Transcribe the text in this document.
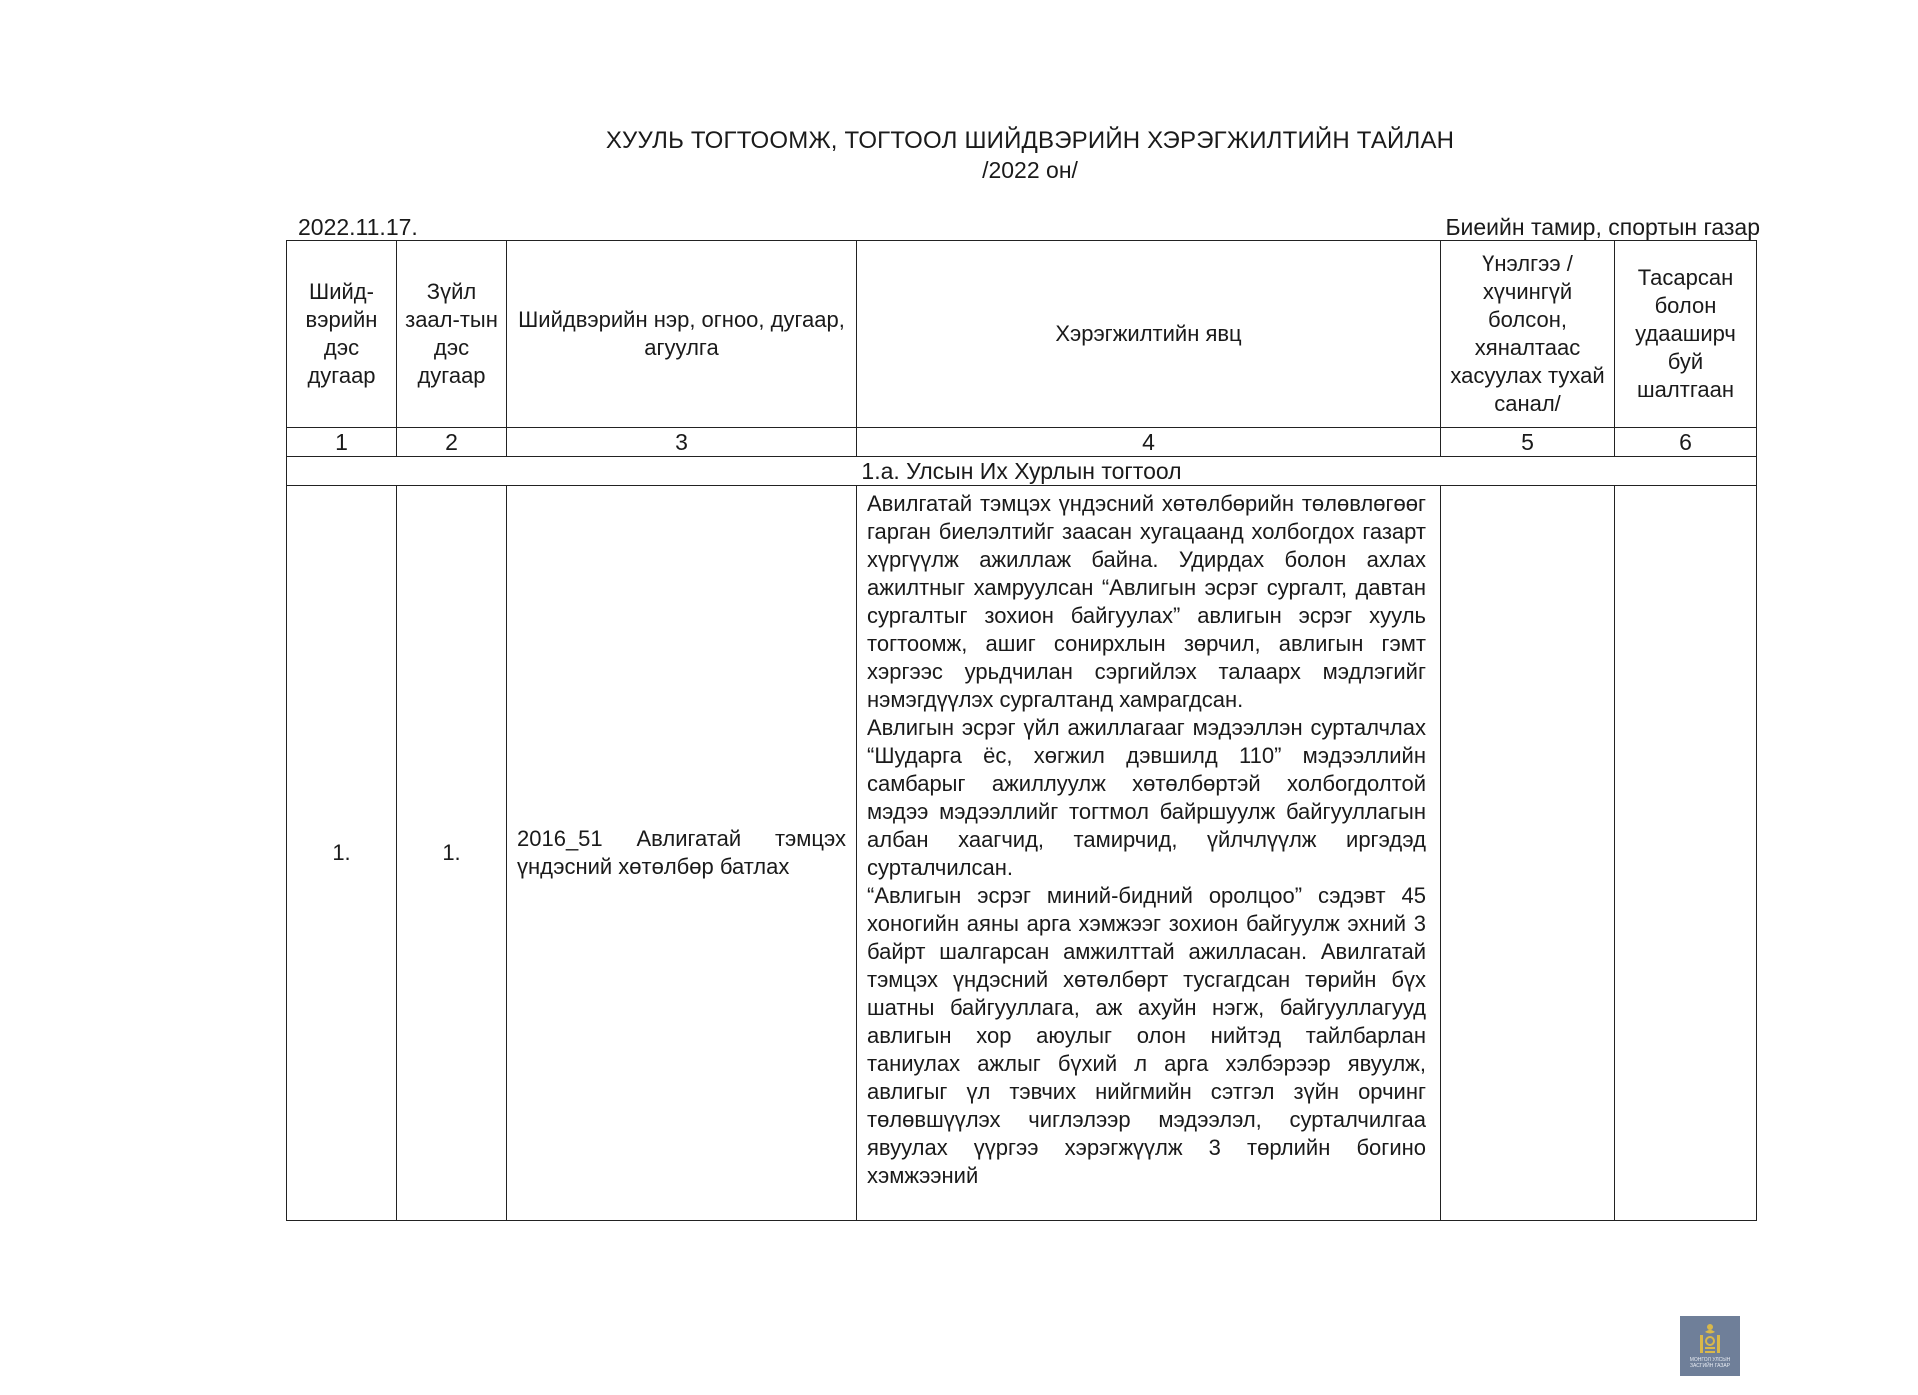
ХУУЛЬ ТОГТООМЖ, ТОГТООЛ ШИЙДВЭРИЙН ХЭРЭГЖИЛТИЙН ТАЙЛАН
/2022 он/
2022.11.17.	Биеийн тамир, спортын газар
Шийд-вэрийн дэс дугаар	Зүйл заал-тын дэс дугаар	Шийдвэрийн нэр, огноо, дугаар, агуулга	Хэрэгжилтийн явц	Үнэлгээ /хүчингүй болсон, хяналтаас хасуулах тухай санал/	Тасарсан болон удааширч буй шалтгаан
1	2	3	4	5	6
1.а. Улсын Их Хурлын тогтоол					
1.	1.	2016_51 Авлигатай тэмцэх үндэсний хөтөлбөр батлах	Авилгатай тэмцэх үндэсний хөтөлбөрийн төлөвлөгөөг гарган биелэлтийг заасан хугацаанд холбогдох газарт хүргүүлж ажиллаж байна. Удирдах болон ахлах ажилтныг хамруулсан “Авлигын эсрэг сургалт, давтан сургалтыг зохион байгуулах” авлигын эсрэг хууль тогтоомж, ашиг сонирхлын зөрчил, авлигын гэмт хэргээс урьдчилан сэргийлэх талаарх мэдлэгийг нэмэгдүүлэх сургалтанд хамрагдсан.

Авлигын эсрэг үйл ажиллагааг мэдээллэн сурталчлах “Шударга ёс, хөгжил дэвшилд 110” мэдээллийн самбарыг ажиллуулж хөтөлбөртэй холбогдолтой мэдээ мэдээллийг тогтмол байршуулж байгууллагын албан хаагчид, тамирчид, үйлчлүүлж иргэдэд сурталчилсан.

“Авлигын эсрэг миний-бидний оролцоо” сэдэвт 45 хоногийн аяны арга хэмжээг зохион байгуулж эхний 3 байрт шалгарсан амжилттай ажилласан. Авилгатай тэмцэх үндэсний хөтөлбөрт тусгагдсан төрийн бүх шатны байгууллага, аж ахуйн нэгж, байгууллагууд авлигын хор аюулыг олон нийтэд тайлбарлан таниулах ажлыг бүхий л арга хэлбэрээр явуулж, авлигыг үл тэвчих нийгмийн сэтгэл зүйн орчинг төлөвшүүлэх чиглэлээр мэдээлэл, сурталчилгаа явуулах үүргээ хэрэгжүүлж 3 төрлийн богино хэмжээний		

МОНГОЛ УЛСЫН ЗАСГИЙН ГАЗАР
